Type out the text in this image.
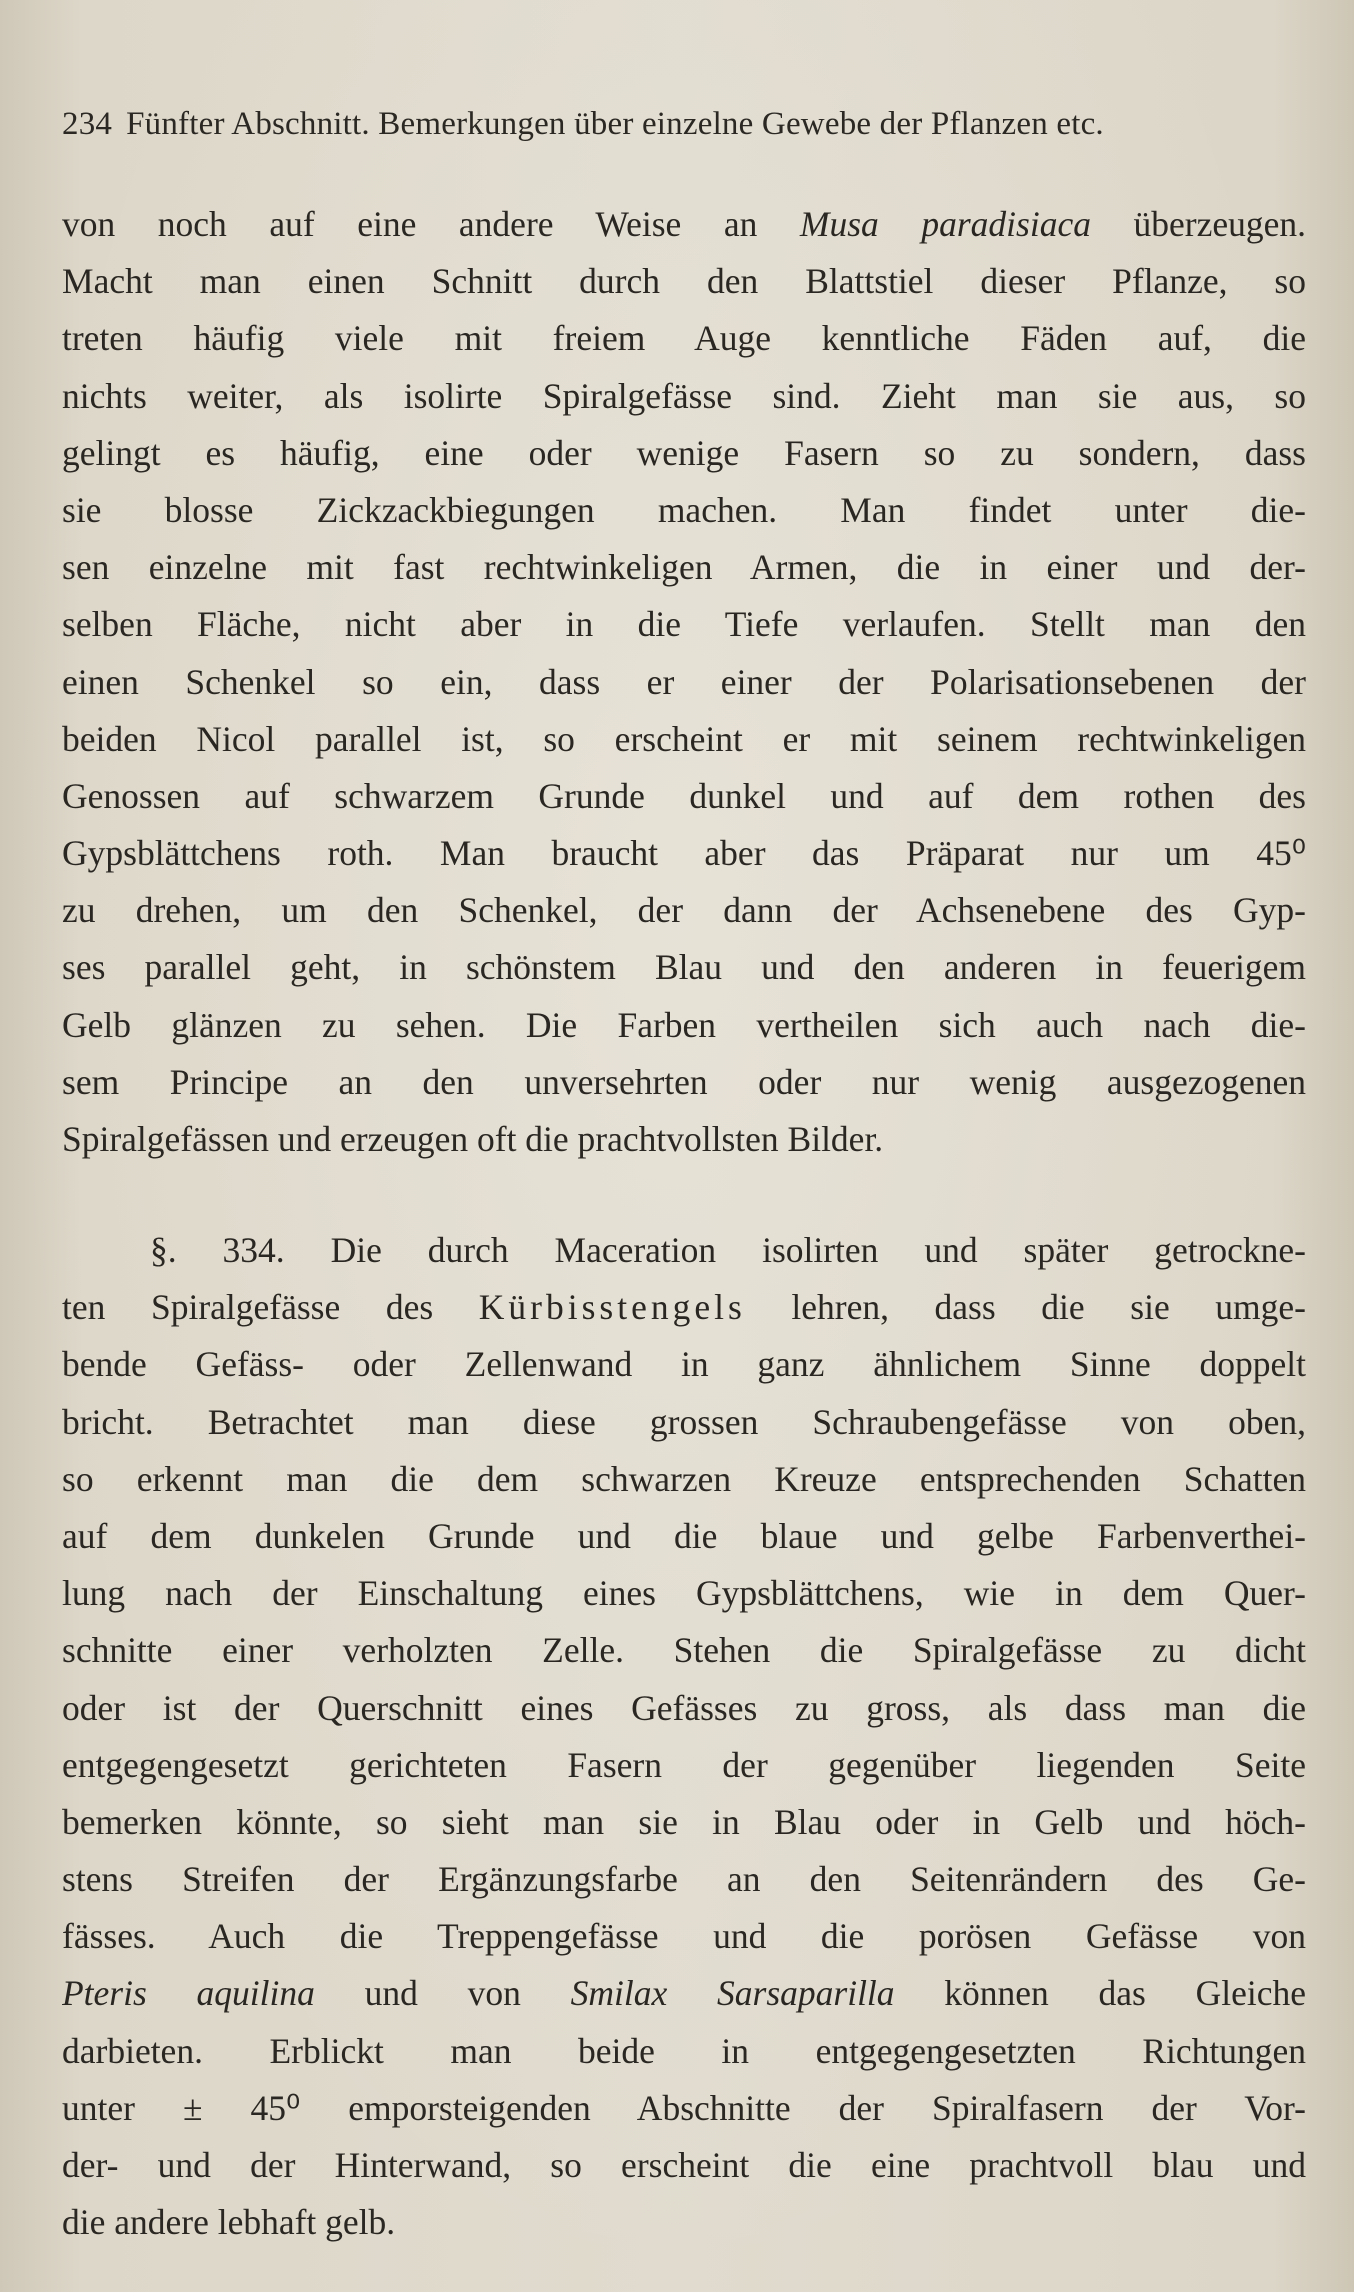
234 Fünfter Abschnitt. Bemerkungen über einzelne Gewebe der Pflanzen etc.
von noch auf eine andere Weise an Musa paradisiaca überzeugen.
Macht man einen Schnitt durch den Blattstiel dieser Pflanze, so
treten häufig viele mit freiem Auge kenntliche Fäden auf, die
nichts weiter, als isolirte Spiralgefässe sind. Zieht man sie aus, so
gelingt es häufig, eine oder wenige Fasern so zu sondern, dass
sie blosse Zickzackbiegungen machen. Man findet unter die-
sen einzelne mit fast rechtwinkeligen Armen, die in einer und der-
selben Fläche, nicht aber in die Tiefe verlaufen. Stellt man den
einen Schenkel so ein, dass er einer der Polarisationsebenen der
beiden Nicol parallel ist, so erscheint er mit seinem rechtwinkeligen
Genossen auf schwarzem Grunde dunkel und auf dem rothen des
Gypsblättchens roth. Man braucht aber das Präparat nur um 45⁰
zu drehen, um den Schenkel, der dann der Achsenebene des Gyp-
ses parallel geht, in schönstem Blau und den anderen in feuerigem
Gelb glänzen zu sehen. Die Farben vertheilen sich auch nach die-
sem Principe an den unversehrten oder nur wenig ausgezogenen
Spiralgefässen und erzeugen oft die prachtvollsten Bilder.
§. 334. Die durch Maceration isolirten und später getrockne-
ten Spiralgefässe des Kürbisstengels lehren, dass die sie umge-
bende Gefäss- oder Zellenwand in ganz ähnlichem Sinne doppelt
bricht. Betrachtet man diese grossen Schraubengefässe von oben,
so erkennt man die dem schwarzen Kreuze entsprechenden Schatten
auf dem dunkelen Grunde und die blaue und gelbe Farbenverthei-
lung nach der Einschaltung eines Gypsblättchens, wie in dem Quer-
schnitte einer verholzten Zelle. Stehen die Spiralgefässe zu dicht
oder ist der Querschnitt eines Gefässes zu gross, als dass man die
entgegengesetzt gerichteten Fasern der gegenüber liegenden Seite
bemerken könnte, so sieht man sie in Blau oder in Gelb und höch-
stens Streifen der Ergänzungsfarbe an den Seitenrändern des Ge-
fässes. Auch die Treppengefässe und die porösen Gefässe von
Pteris aquilina und von Smilax Sarsaparilla können das Gleiche
darbieten. Erblickt man beide in entgegengesetzten Richtungen
unter ± 45⁰ emporsteigenden Abschnitte der Spiralfasern der Vor-
der- und der Hinterwand, so erscheint die eine prachtvoll blau und
die andere lebhaft gelb.
